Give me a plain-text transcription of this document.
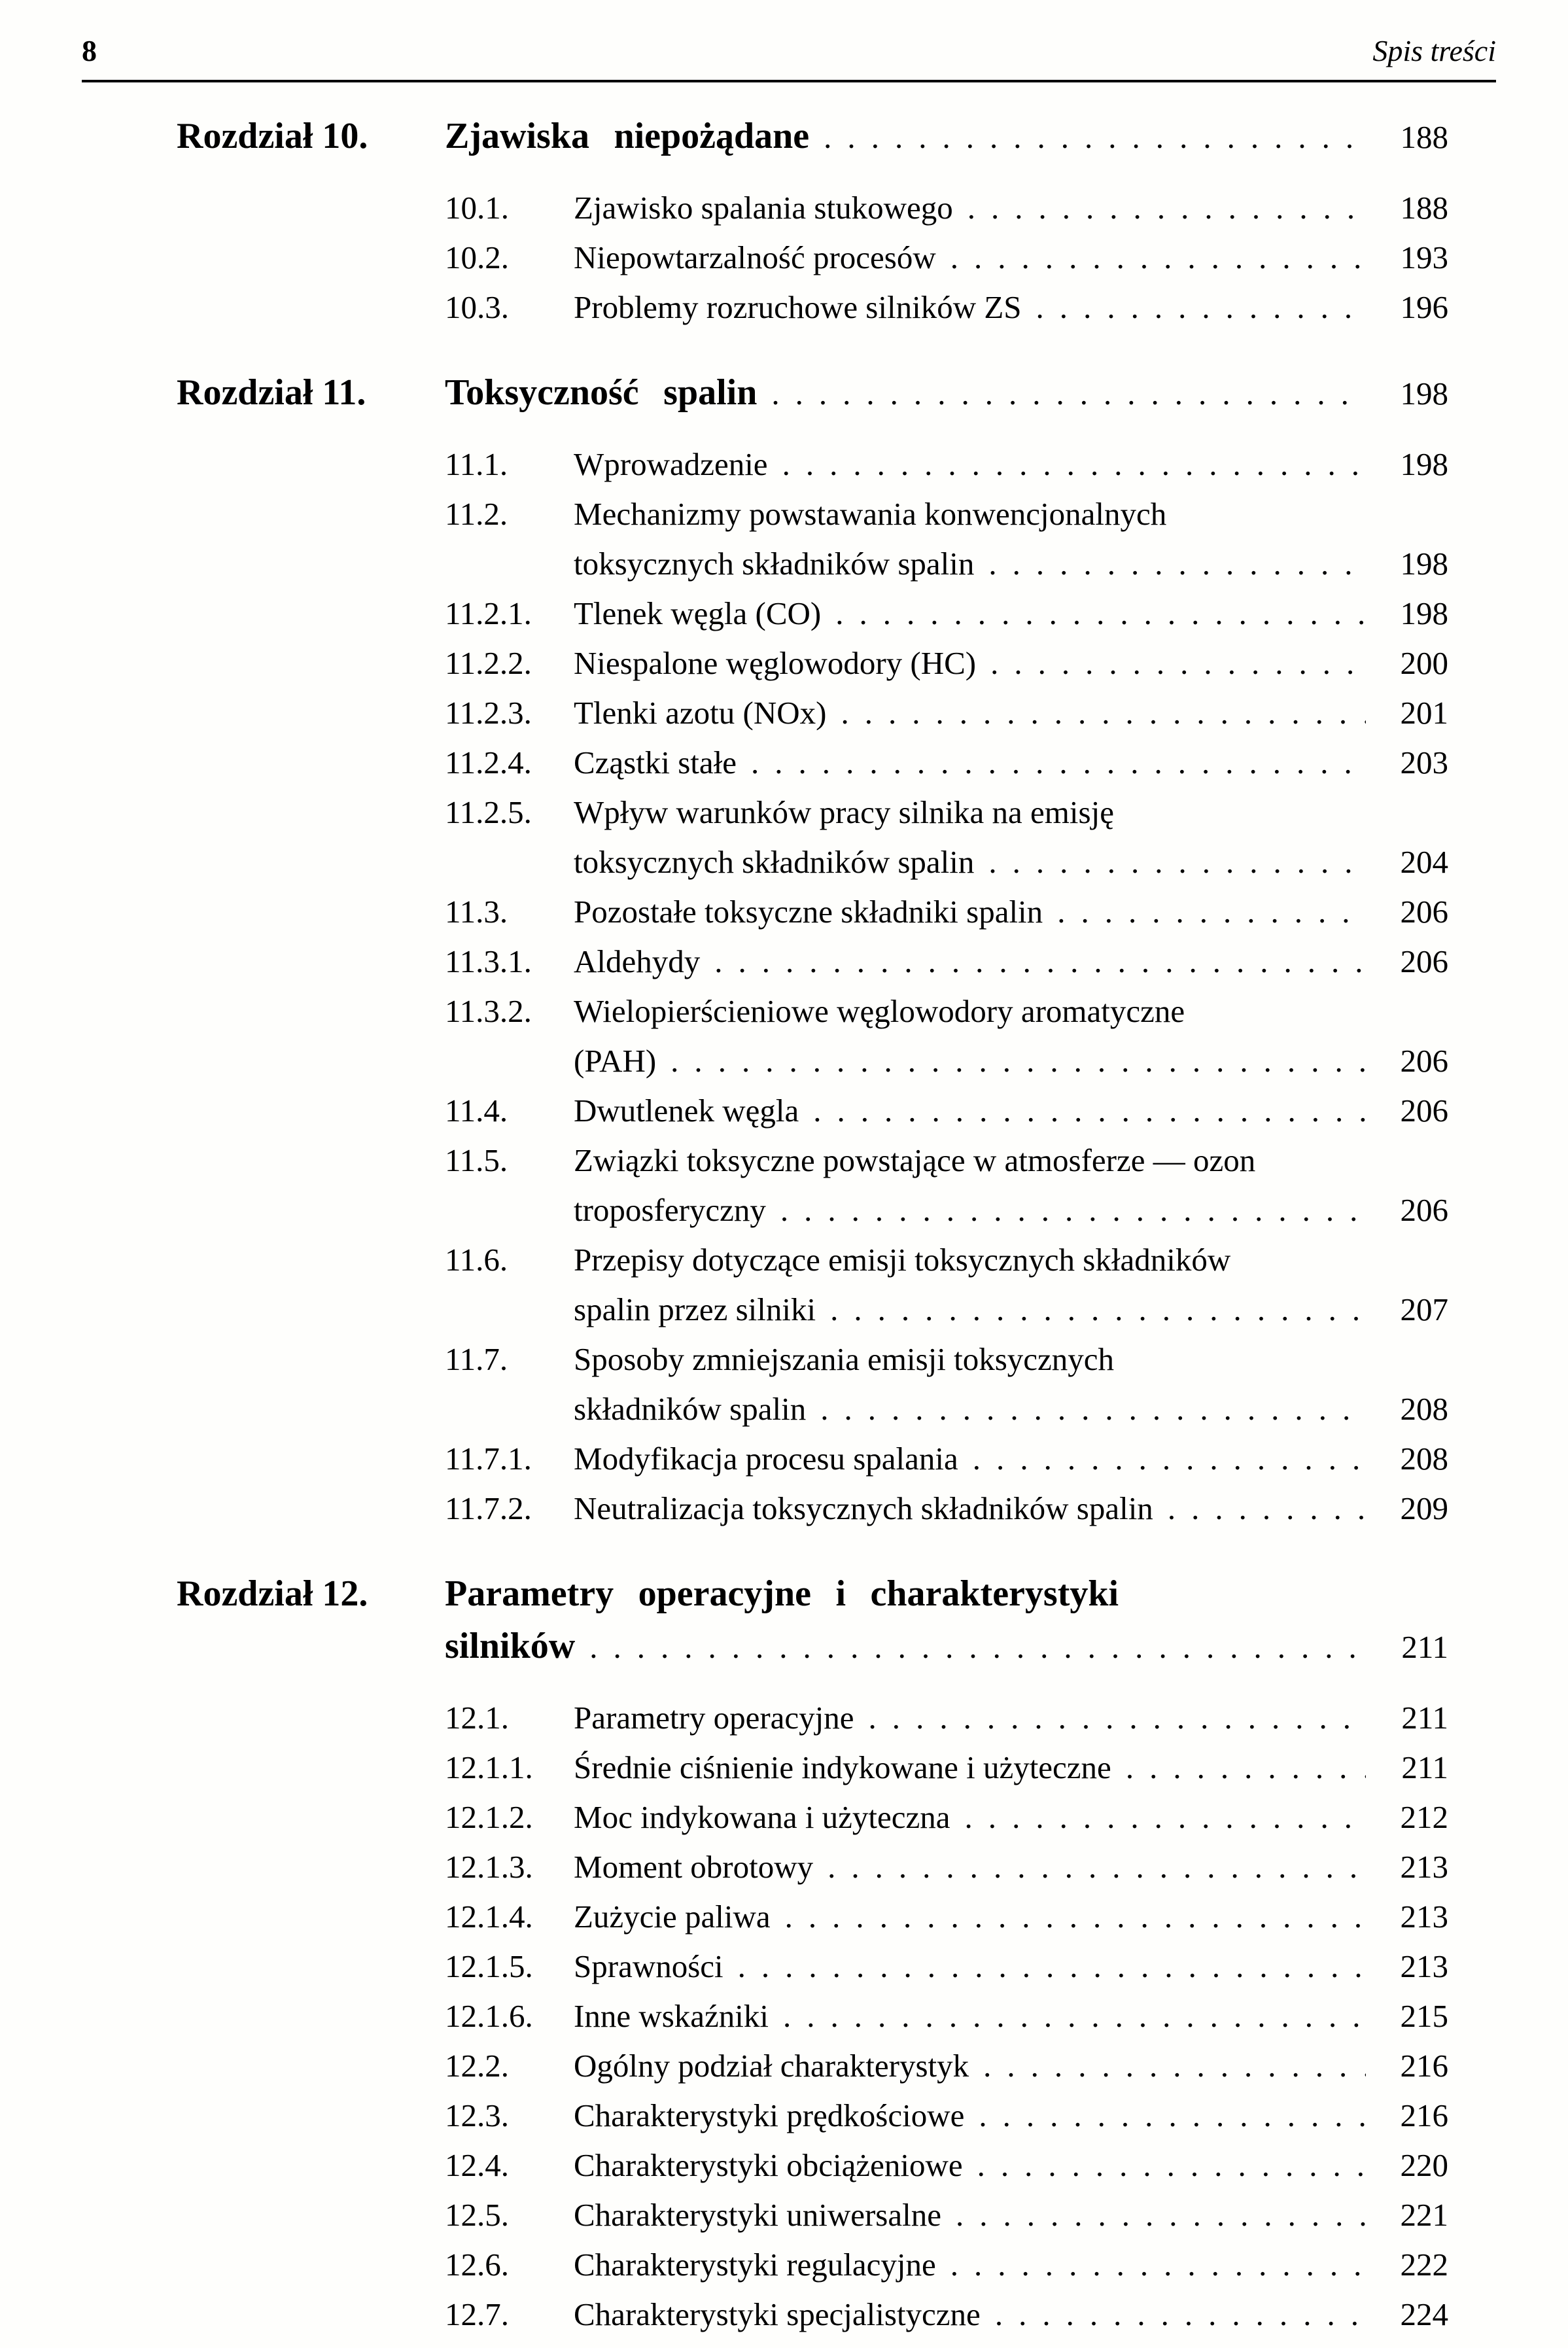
8	Spis treści
Rozdział 10.	Zjawiska niepożądane . . .	188
10.1.	Zjawisko spalania stukowego . . .	188
10.2.	Niepowtarzalność procesów . . .	193
10.3.	Problemy rozruchowe silników ZS . . .	196
Rozdział 11.	Toksyczność spalin . . .	198
11.1.	Wprowadzenie . . .	198
11.2.	Mechanizmy powstawania konwencjonalnych
toksycznych składników spalin . . .	198
11.2.1.	Tlenek węgla (CO) . . .	198
11.2.2.	Niespalone węglowodory (HC) . . .	200
11.2.3.	Tlenki azotu (NOx) . . .	201
11.2.4.	Cząstki stałe . . .	203
11.2.5.	Wpływ warunków pracy silnika na emisję
toksycznych składników spalin . . .	204
11.3.	Pozostałe toksyczne składniki spalin . . .	206
11.3.1.	Aldehydy . . .	206
11.3.2.	Wielopierścieniowe węglowodory aromatyczne
(PAH) . . .	206
11.4.	Dwutlenek węgla . . .	206
11.5.	Związki toksyczne powstające w atmosferze — ozon
troposferyczny . . .	206
11.6.	Przepisy dotyczące emisji toksycznych składników
spalin przez silniki . . .	207
11.7.	Sposoby zmniejszania emisji toksycznych
składników spalin . . .	208
11.7.1.	Modyfikacja procesu spalania . . .	208
11.7.2.	Neutralizacja toksycznych składników spalin . . .	209
Rozdział 12.	Parametry operacyjne i charakterystyki
silników . . .	211
12.1.	Parametry operacyjne . . .	211
12.1.1.	Średnie ciśnienie indykowane i użyteczne . . .	211
12.1.2.	Moc indykowana i użyteczna . . .	212
12.1.3.	Moment obrotowy . . .	213
12.1.4.	Zużycie paliwa . . .	213
12.1.5.	Sprawności . . .	213
12.1.6.	Inne wskaźniki . . .	215
12.2.	Ogólny podział charakterystyk . . .	216
12.3.	Charakterystyki prędkościowe . . .	216
12.4.	Charakterystyki obciążeniowe . . .	220
12.5.	Charakterystyki uniwersalne . . .	221
12.6.	Charakterystyki regulacyjne . . .	222
12.7.	Charakterystyki specjalistyczne . . .	224
